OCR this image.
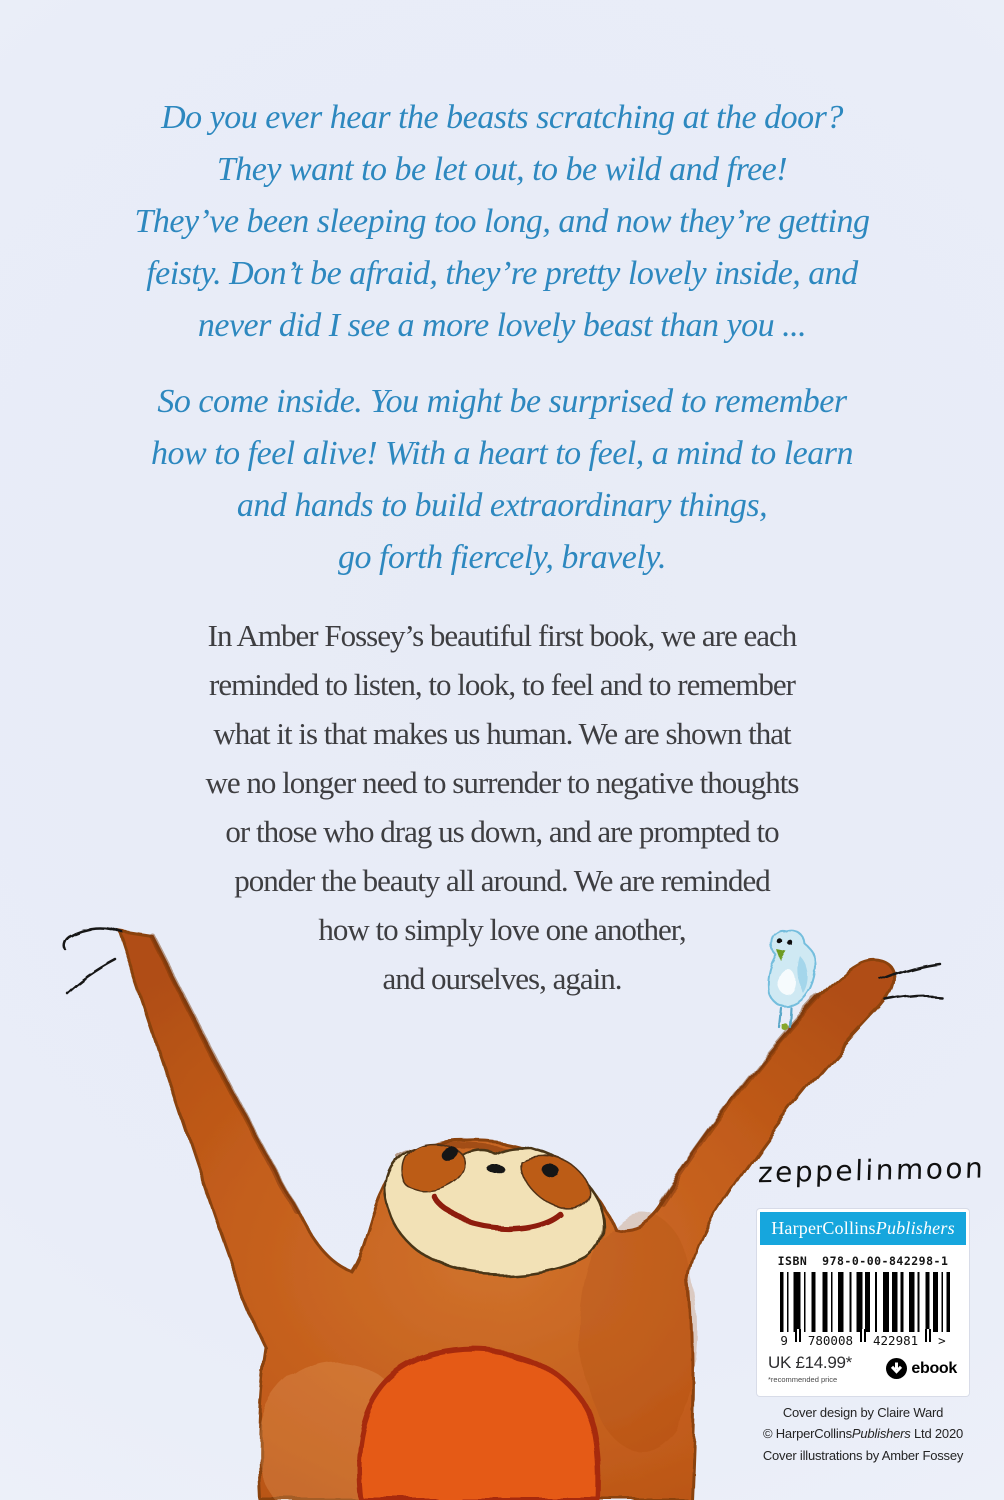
Do you ever hear the beasts scratching at the door?
They want to be let out, to be wild and free!
They’ve been sleeping too long, and now they’re getting
feisty. Don’t be afraid, they’re pretty lovely inside, and
never did I see a more lovely beast than you ...
So come inside. You might be surprised to remember
how to feel alive! With a heart to feel, a mind to learn
and hands to build extraordinary things,
go forth fiercely, bravely.
In Amber Fossey’s beautiful first book, we are each
reminded to listen, to look, to feel and to remember
what it is that makes us human. We are shown that
we no longer need to surrender to negative thoughts
or those who drag us down, and are prompted to
ponder the beauty all around. We are reminded
how to simply love one another,
and ourselves, again.
zeppelinmoon
HarperCollins Publishers
ISBN  978-0-00-842298-1
9 780008 422981 >
UK £14.99*
*recommended price
ebook
Cover design by Claire Ward
© HarperCollinsPublishers Ltd 2020
Cover illustrations by Amber Fossey
